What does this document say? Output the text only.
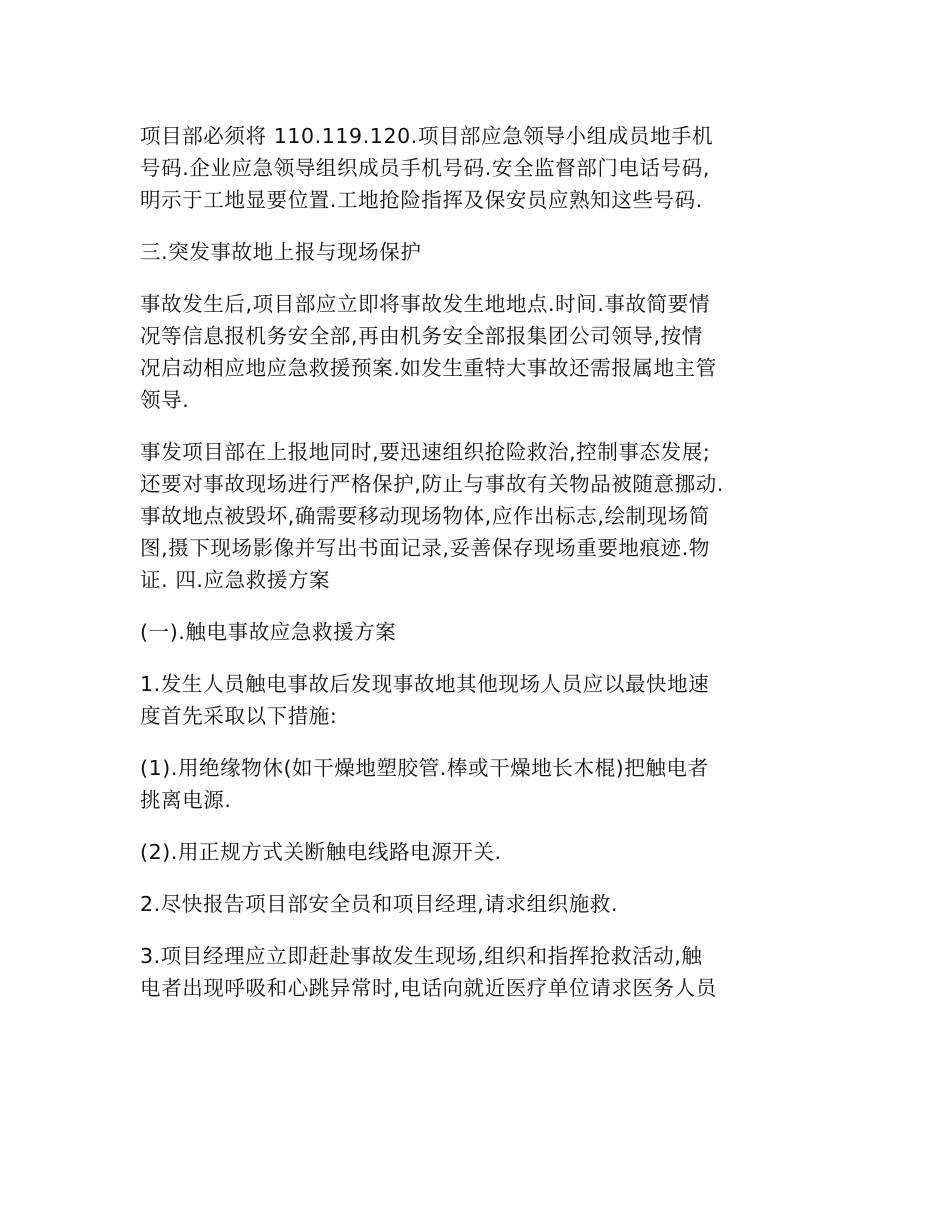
项目部必须将 110.119.120.项目部应急领导小组成员地手机
号码.企业应急领导组织成员手机号码.安全监督部门电话号码,
明示于工地显要位置.工地抢险指挥及保安员应熟知这些号码.

三.突发事故地上报与现场保护

事故发生后,项目部应立即将事故发生地地点.时间.事故简要情
况等信息报机务安全部,再由机务安全部报集团公司领导,按情
况启动相应地应急救援预案.如发生重特大事故还需报属地主管
领导.

事发项目部在上报地同时,要迅速组织抢险救治,控制事态发展;
还要对事故现场进行严格保护,防止与事故有关物品被随意挪动.
事故地点被毁坏,确需要移动现场物体,应作出标志,绘制现场简
图,摄下现场影像并写出书面记录,妥善保存现场重要地痕迹.物
证. 四.应急救援方案

(一).触电事故应急救援方案

1.发生人员触电事故后发现事故地其他现场人员应以最快地速
度首先采取以下措施:

(1).用绝缘物休(如干燥地塑胶管.棒或干燥地长木棍)把触电者
挑离电源.

(2).用正规方式关断触电线路电源开关.

2.尽快报告项目部安全员和项目经理,请求组织施救.

3.项目经理应立即赶赴事故发生现场,组织和指挥抢救活动,触
电者出现呼吸和心跳异常时,电话向就近医疗单位请求医务人员
